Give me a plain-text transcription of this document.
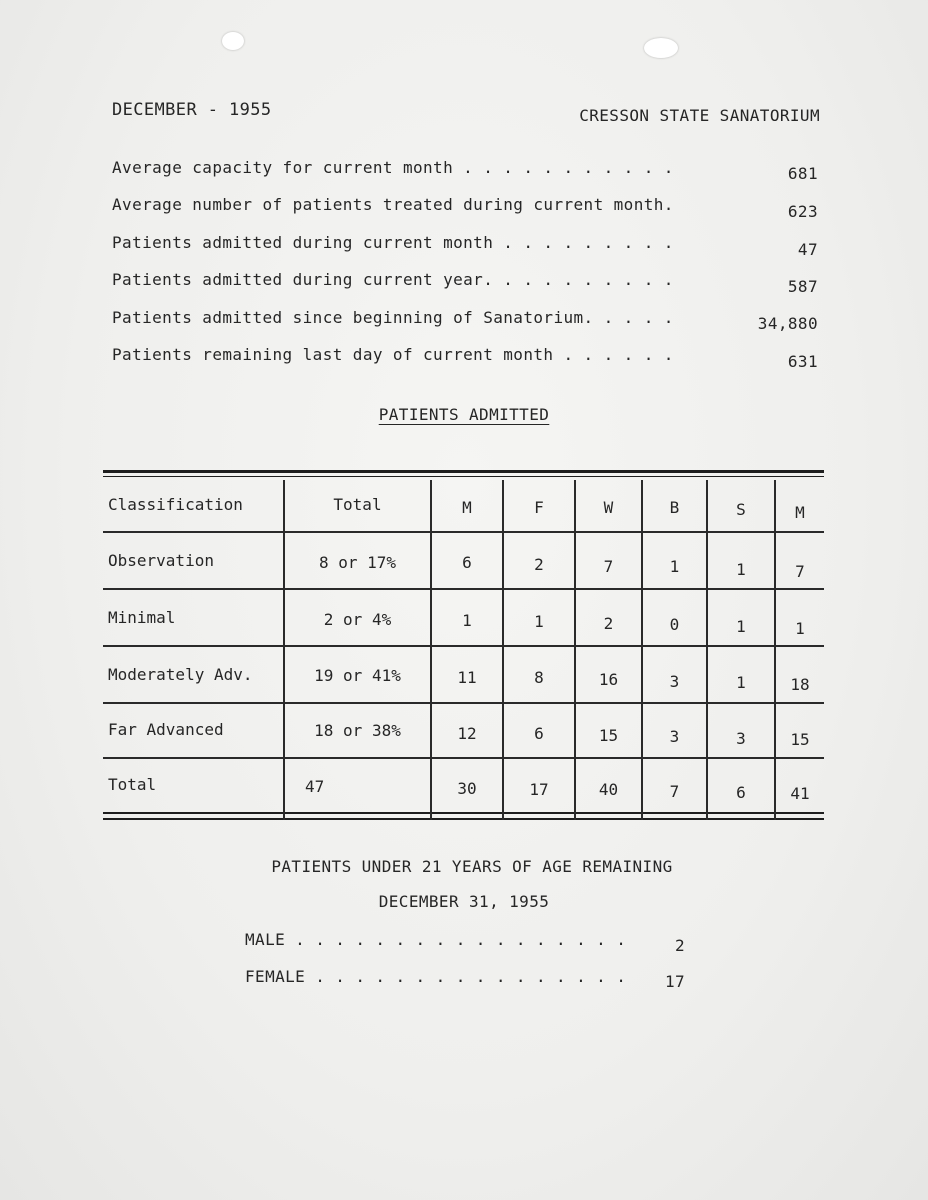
DECEMBER - 1955	CRESSON STATE SANATORIUM
Average capacity for current month . . . . . . . . . . .	681
Average number of patients treated during current month.	623
Patients admitted during current month . . . . . . . . .	47
Patients admitted during current year. . . . . . . . . .	587
Patients admitted since beginning of Sanatorium. . . . .	34,880
Patients remaining last day of current month . . . . . .	631
PATIENTS ADMITTED
Classification	Total	M	F	W	B	S	M
Observation	8 or 17%	6	2	7	1	1	7
Minimal	2 or 4%	1	1	2	0	1	1
Moderately Adv.	19 or 41%	11	8	16	3	1	18
Far Advanced	18 or 38%	12	6	15	3	3	15
Total	47	30	17	40	7	6	41
PATIENTS UNDER 21 YEARS OF AGE REMAINING
DECEMBER 31, 1955
MALE . . . . . . . . . . . . . . . . .	2
FEMALE . . . . . . . . . . . . . . . . 17
